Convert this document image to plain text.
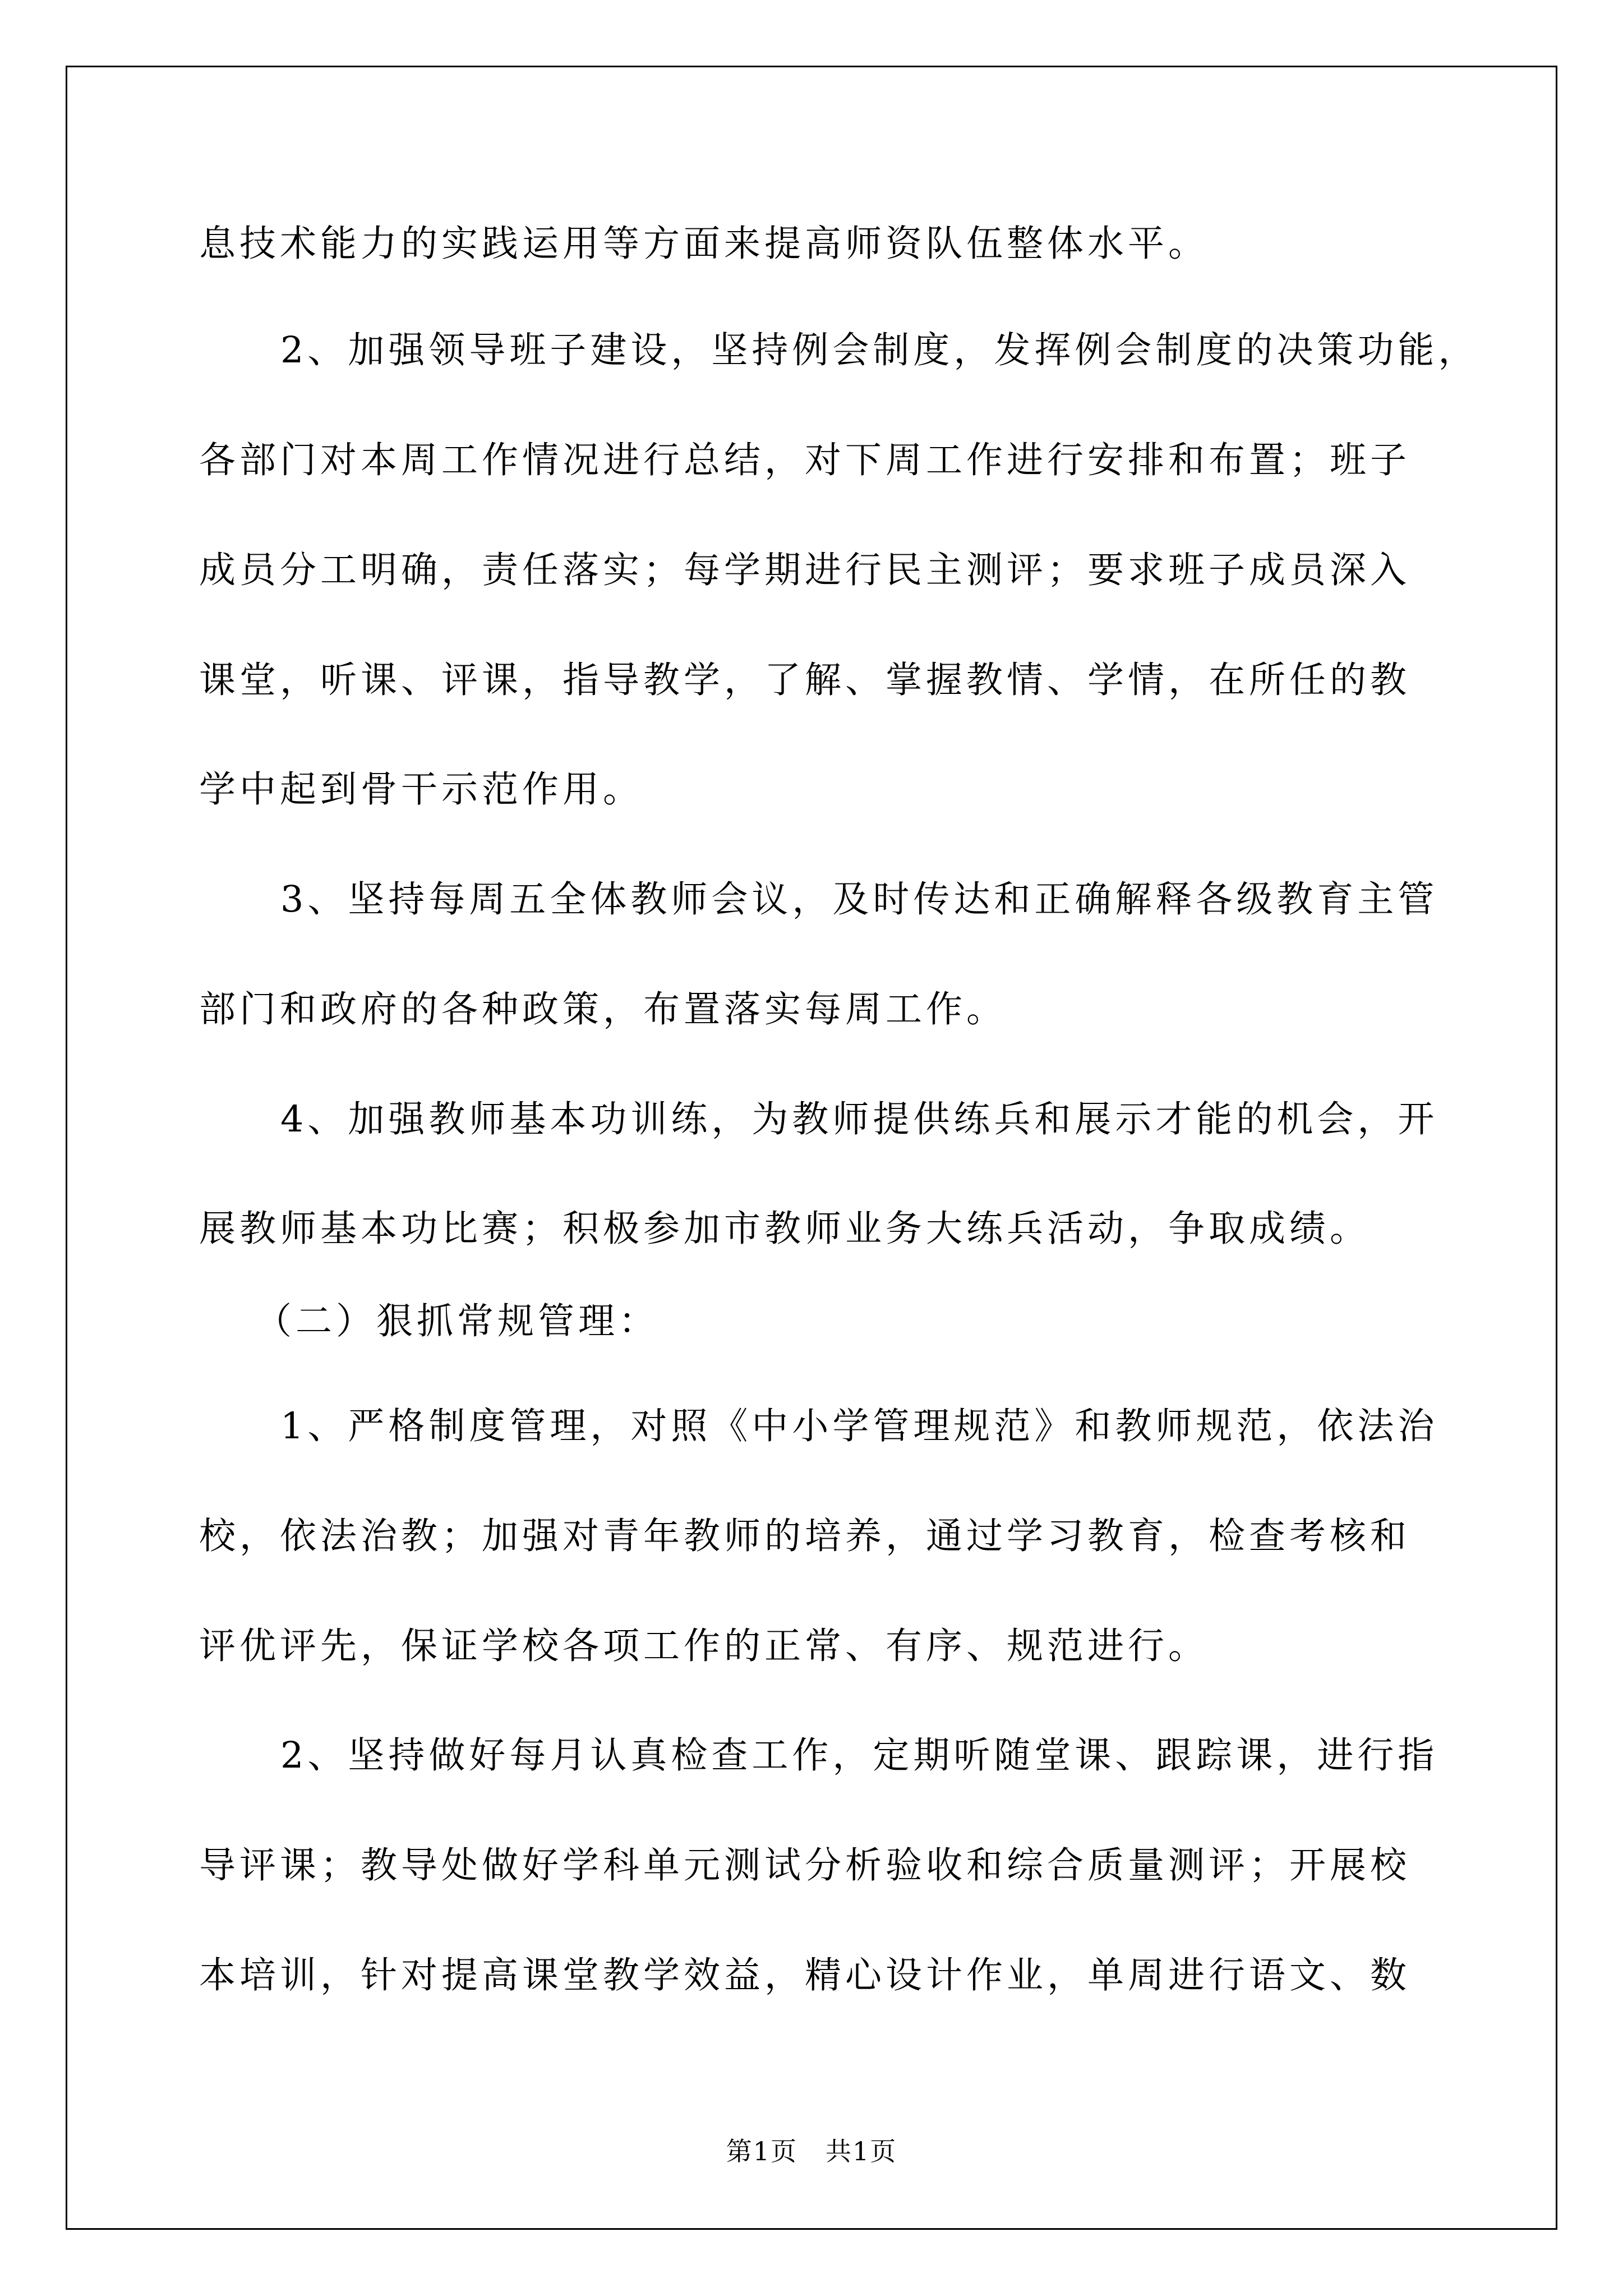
息技术能力的实践运用等方面来提高师资队伍整体水平。
2、加强领导班子建设，坚持例会制度，发挥例会制度的决策功能，
各部门对本周工作情况进行总结，对下周工作进行安排和布置；班子
成员分工明确，责任落实；每学期进行民主测评；要求班子成员深入
课堂，听课、评课，指导教学，了解、掌握教情、学情，在所任的教
学中起到骨干示范作用。
3、坚持每周五全体教师会议，及时传达和正确解释各级教育主管
部门和政府的各种政策，布置落实每周工作。
4、加强教师基本功训练，为教师提供练兵和展示才能的机会，开
展教师基本功比赛；积极参加市教师业务大练兵活动，争取成绩。
（二）狠抓常规管理：
1、严格制度管理，对照《中小学管理规范》和教师规范，依法治
校，依法治教；加强对青年教师的培养，通过学习教育，检查考核和
评优评先，保证学校各项工作的正常、有序、规范进行。
2、坚持做好每月认真检查工作，定期听随堂课、跟踪课，进行指
导评课；教导处做好学科单元测试分析验收和综合质量测评；开展校
本培训，针对提高课堂教学效益，精心设计作业，单周进行语文、数
第1页 共1页
